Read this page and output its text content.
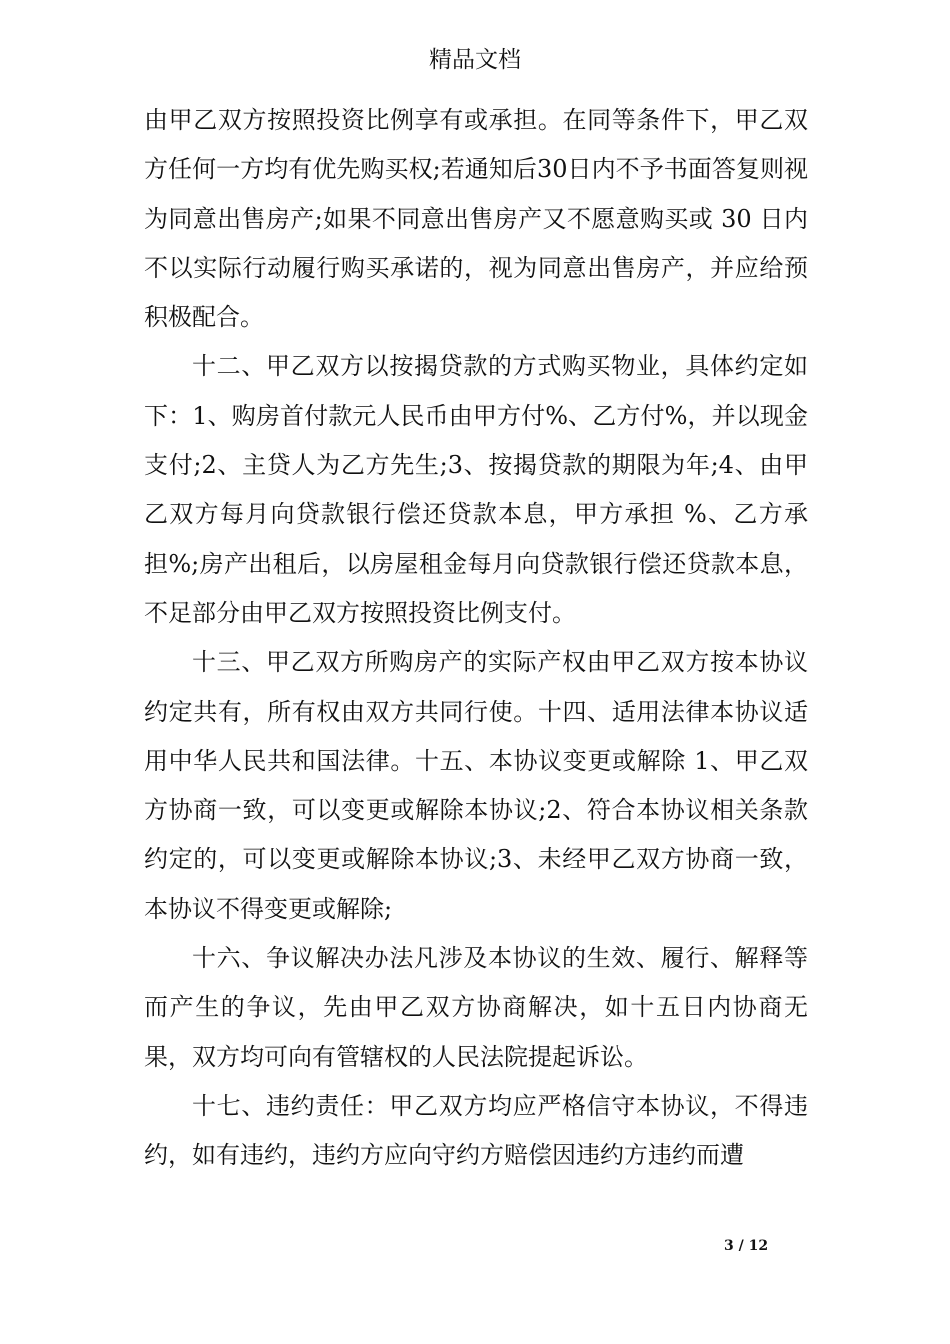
精品文档

由甲乙双方按照投资比例享有或承担。在同等条件下，甲乙双方任何一方均有优先购买权;若通知后30日内不予书面答复则视为同意出售房产;如果不同意出售房产又不愿意购买或 30 日内不以实际行动履行购买承诺的，视为同意出售房产，并应给预积极配合。

十二、甲乙双方以按揭贷款的方式购买物业，具体约定如下：1、购房首付款元人民币由甲方付%、乙方付%，并以现金支付;2、主贷人为乙方先生;3、按揭贷款的期限为年;4、由甲乙双方每月向贷款银行偿还贷款本息，甲方承担 %、乙方承担%;房产出租后，以房屋租金每月向贷款银行偿还贷款本息，不足部分由甲乙双方按照投资比例支付。

十三、甲乙双方所购房产的实际产权由甲乙双方按本协议约定共有，所有权由双方共同行使。十四、适用法律本协议适用中华人民共和国法律。十五、本协议变更或解除 1、甲乙双方协商一致，可以变更或解除本协议;2、符合本协议相关条款约定的，可以变更或解除本协议;3、未经甲乙双方协商一致，本协议不得变更或解除;

十六、争议解决办法凡涉及本协议的生效、履行、解释等而产生的争议，先由甲乙双方协商解决，如十五日内协商无果，双方均可向有管辖权的人民法院提起诉讼。

十七、违约责任：甲乙双方均应严格信守本协议，不得违约，如有违约，违约方应向守约方赔偿因违约方违约而遭

3 / 12
